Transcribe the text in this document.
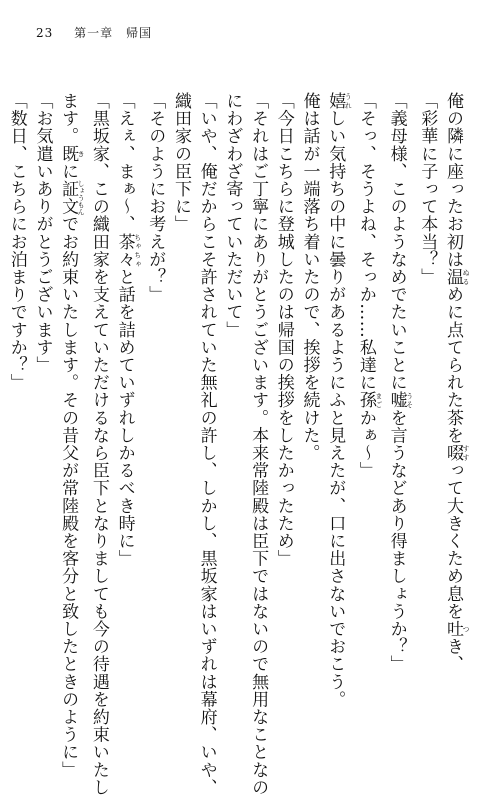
23 第一章 帰国
俺の隣に座ったお初は温 ぬるめに点てられた茶を啜 すすって大きくため息を吐 つき、
「彩華に子って本当？」
「義母様、このようなめでたいことに嘘 うそを言うなどあり得ましょうか？」
「そっ、そうよね、そっか……私達に孫 まごかぁ～」
嬉 うれしい気持ちの中に曇りがあるようにふと見えたが、口に出さないでおこう。
俺は話が一端落ち着いたので、挨拶を続けた。
「今日こちらに登城したのは帰国の挨拶をしたかったため」
「それはご丁寧にありがとうございます。本来常陸殿は臣下ではないので無用なことなの
にわざわざ寄っていただいて」
「いや、俺だからこそ許されていた無礼の許し、しかし、黒坂家はいずれは幕府、いや、
織田家の臣下に」
「そのようにお考えが？」
「えぇ、まぁ～、茶々 ちゃちゃと話を詰めていずれしかるべき時に」
「黒坂家、この織田家を支えていただけるなら臣下となりましても今の待遇を約束いたし
ます。既 きに証文 しょうもんでお約束いたします。その昔父が常陸殿を客分と致したときのように」
「お気遣いありがとうございます」
「数日、こちらにお泊まりですか？」
